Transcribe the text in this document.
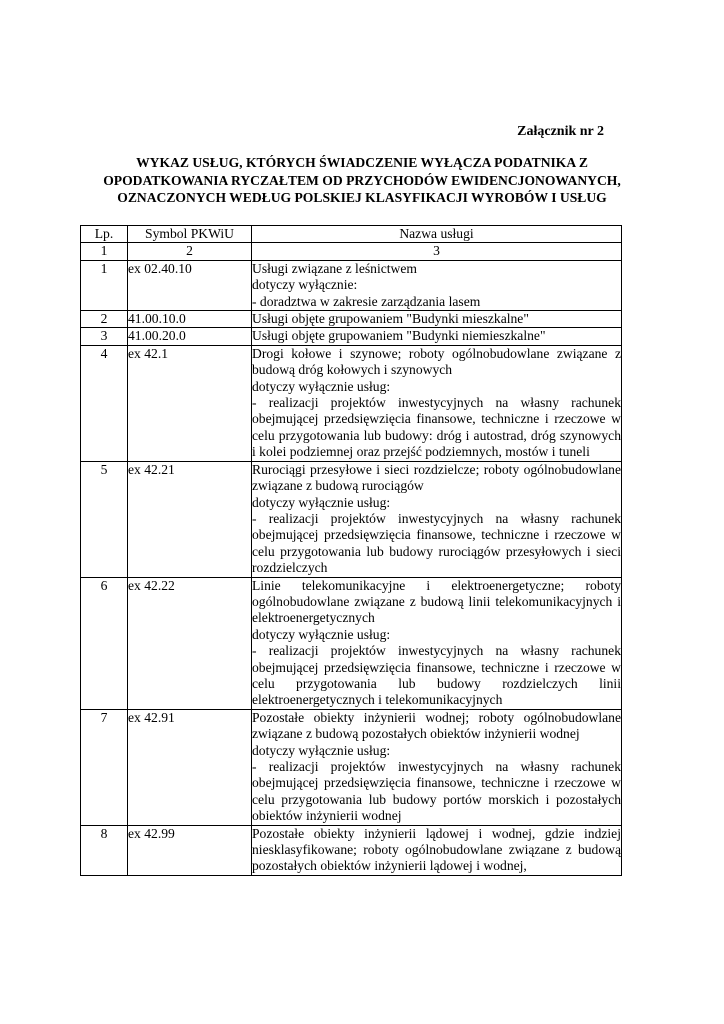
Załącznik nr 2

WYKAZ USŁUG, KTÓRYCH ŚWIADCZENIE WYŁĄCZA PODATNIKA Z
OPODATKOWANIA RYCZAŁTEM OD PRZYCHODÓW EWIDENCJONOWANYCH,
OZNACZONYCH WEDŁUG POLSKIEJ KLASYFIKACJI WYROBÓW I USŁUG
Lp.	Symbol PKWiU	Nazwa usługi
1	2	3
1	ex 02.40.10	Usługi związane z leśnictwem
dotyczy wyłącznie:
- doradztwa w zakresie zarządzania lasem

2	41.00.10.0	Usługi objęte grupowaniem "Budynki mieszkalne"

3	41.00.20.0	Usługi objęte grupowaniem "Budynki niemieszkalne"

4	ex 42.1	Drogi kołowe i szynowe; roboty ogólnobudowlane związane z budową dróg kołowych i szynowych
dotyczy wyłącznie usług:
- realizacji projektów inwestycyjnych na własny rachunek obejmującej przedsięwzięcia finansowe, techniczne i rzeczowe w celu przygotowania lub budowy: dróg i autostrad, dróg szynowych i kolei podziemnej oraz przejść podziemnych, mostów i tuneli

5	ex 42.21	Rurociągi przesyłowe i sieci rozdzielcze; roboty ogólnobudowlane związane z budową rurociągów
dotyczy wyłącznie usług:
- realizacji projektów inwestycyjnych na własny rachunek obejmującej przedsięwzięcia finansowe, techniczne i rzeczowe w celu przygotowania lub budowy rurociągów przesyłowych i sieci rozdzielczych

6	ex 42.22	Linie telekomunikacyjne i elektroenergetyczne; roboty ogólnobudowlane związane z budową linii telekomunikacyjnych i elektroenergetycznych
dotyczy wyłącznie usług:
- realizacji projektów inwestycyjnych na własny rachunek obejmującej przedsięwzięcia finansowe, techniczne i rzeczowe w celu przygotowania lub budowy rozdzielczych linii elektroenergetycznych i telekomunikacyjnych

7	ex 42.91	Pozostałe obiekty inżynierii wodnej; roboty ogólnobudowlane związane z budową pozostałych obiektów inżynierii wodnej
dotyczy wyłącznie usług:
- realizacji projektów inwestycyjnych na własny rachunek obejmującej przedsięwzięcia finansowe, techniczne i rzeczowe w celu przygotowania lub budowy portów morskich i pozostałych obiektów inżynierii wodnej

8	ex 42.99	Pozostałe obiekty inżynierii lądowej i wodnej, gdzie indziej niesklasyfikowane; roboty ogólnobudowlane związane z budową pozostałych obiektów inżynierii lądowej i wodnej,
